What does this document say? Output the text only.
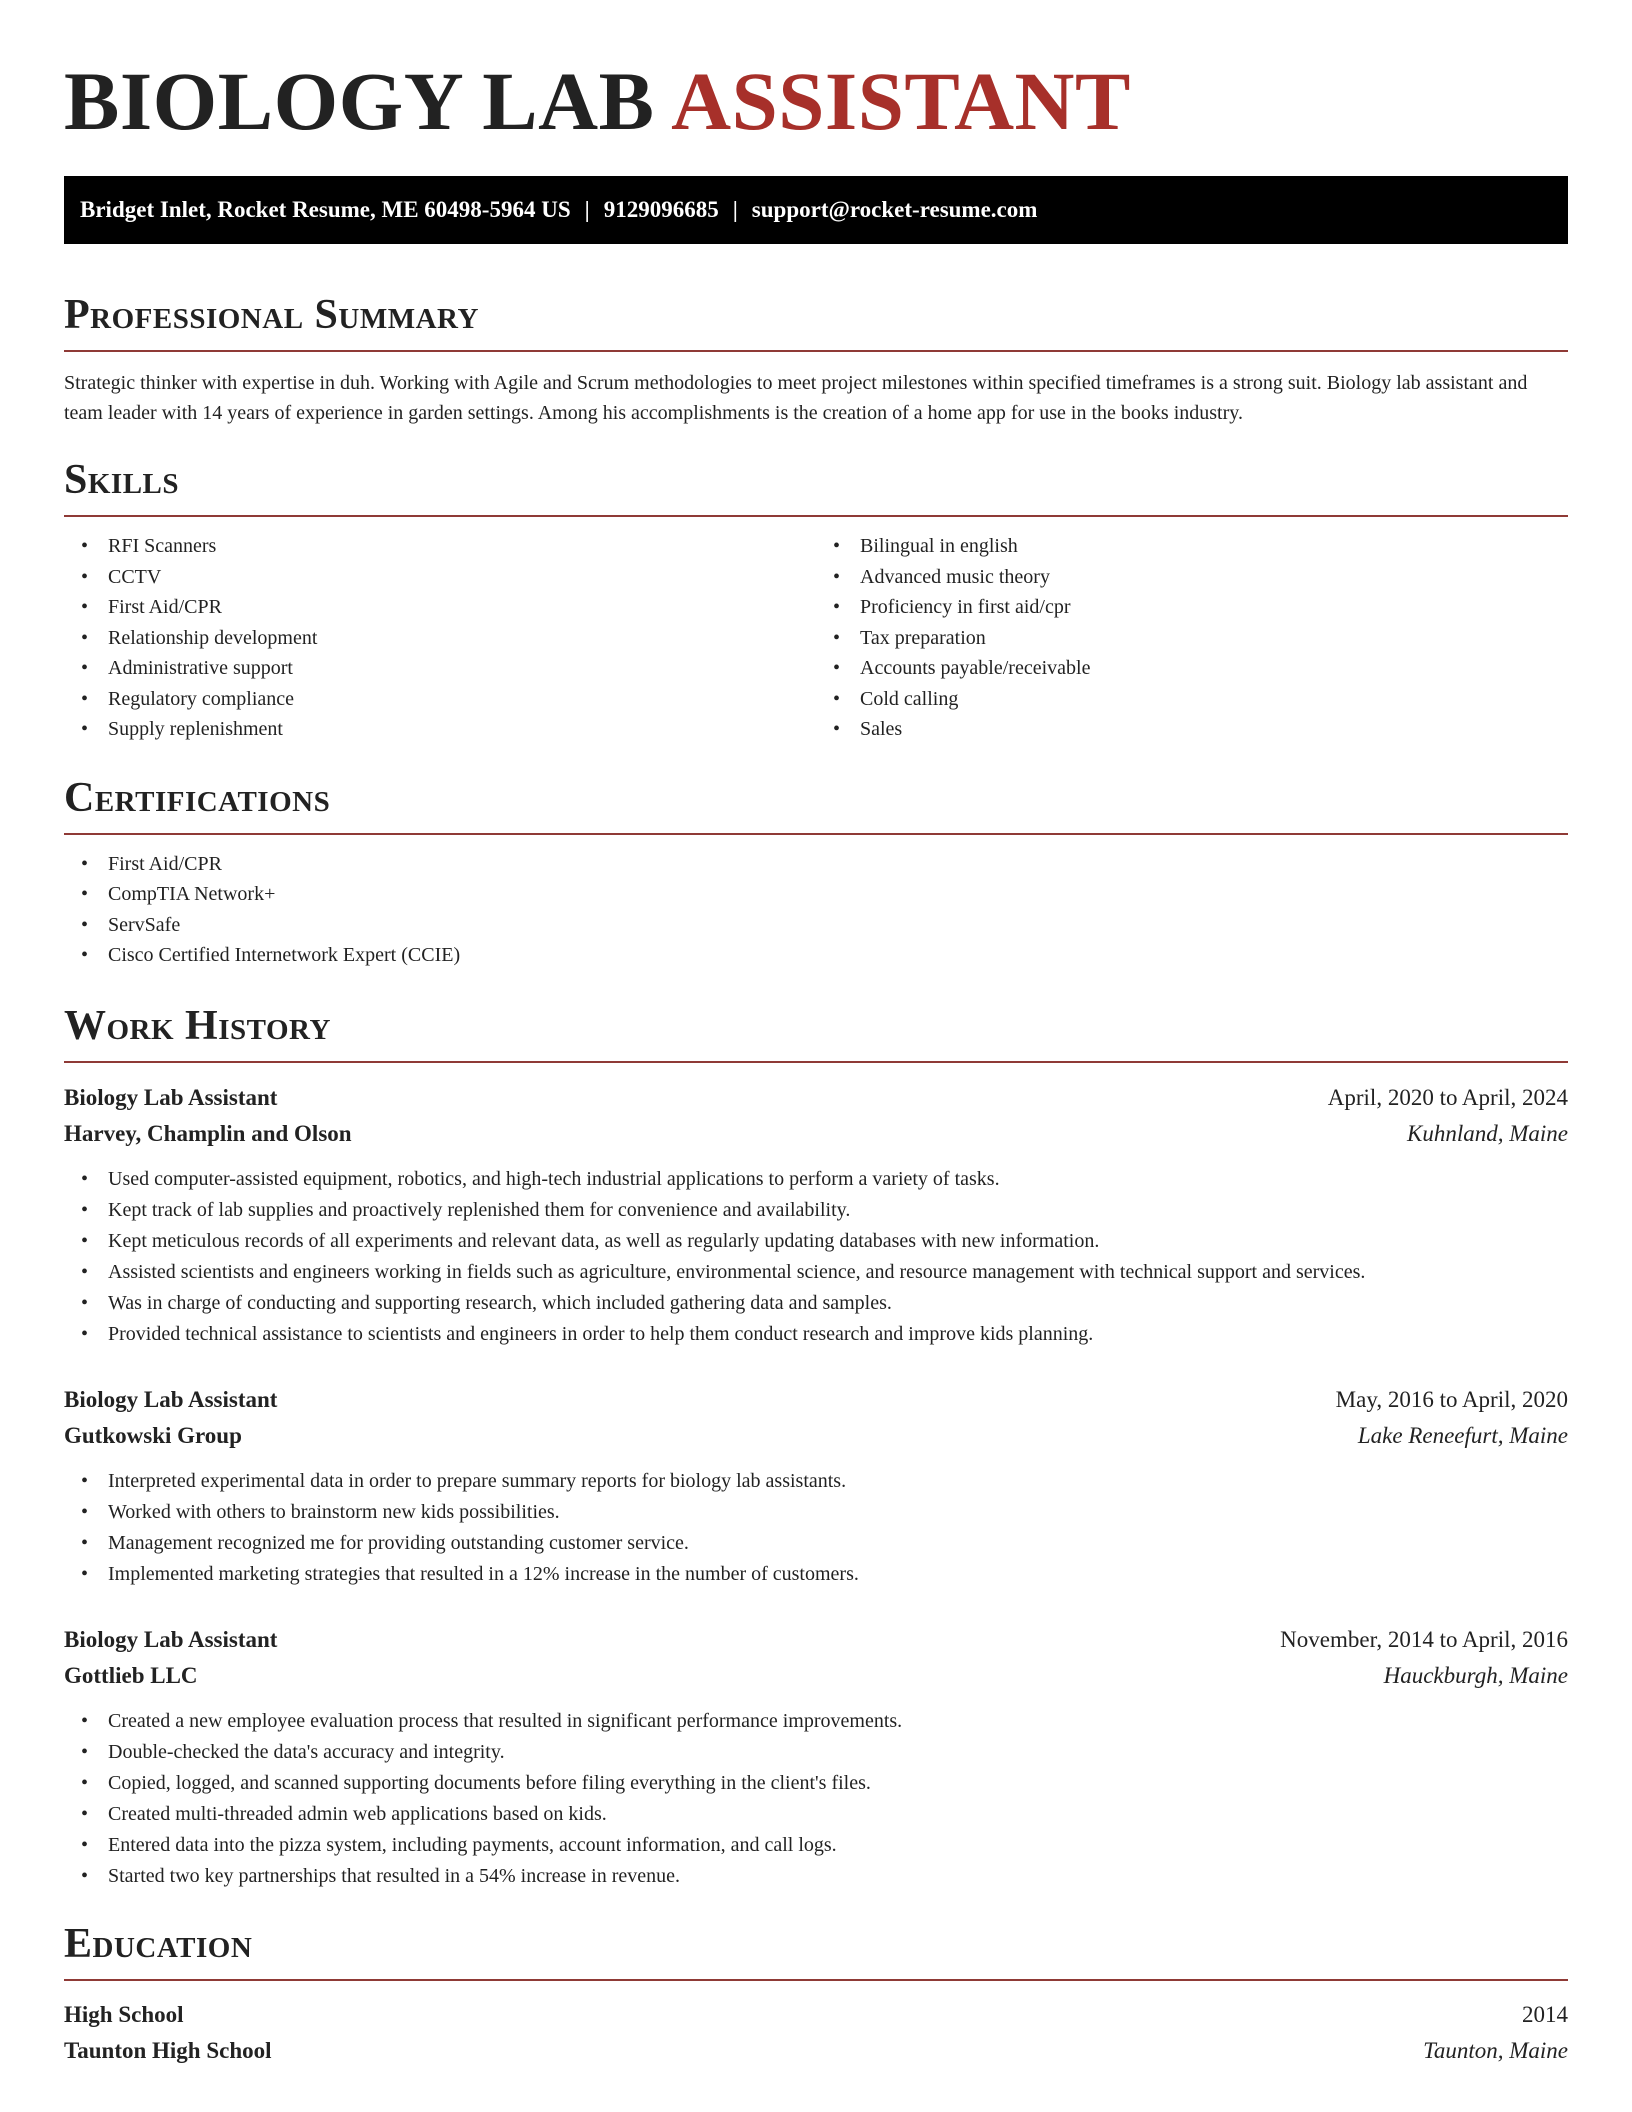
BIOLOGY LAB ASSISTANT
Bridget Inlet, Rocket Resume, ME 60498-5964 US | 9129096685 | support@rocket-resume.com
Professional Summary

Strategic thinker with expertise in duh. Working with Agile and Scrum methodologies to meet project milestones within specified timeframes is a strong suit. Biology lab assistant and team leader with 14 years of experience in garden settings. Among his accomplishments is the creation of a home app for use in the books industry.

Skills
• RFI Scanners
• CCTV
• First Aid/CPR
• Relationship development
• Administrative support
• Regulatory compliance
• Supply replenishment
• Bilingual in english
• Advanced music theory
• Proficiency in first aid/cpr
• Tax preparation
• Accounts payable/receivable
• Cold calling
• Sales
Certifications
• First Aid/CPR
• CompTIA Network+
• ServSafe
• Cisco Certified Internetwork Expert (CCIE)
Work History
Biology Lab Assistant	April, 2020 to April, 2024
Harvey, Champlin and Olson	Kuhnland, Maine
• Used computer-assisted equipment, robotics, and high-tech industrial applications to perform a variety of tasks.
• Kept track of lab supplies and proactively replenished them for convenience and availability.
• Kept meticulous records of all experiments and relevant data, as well as regularly updating databases with new information.
• Assisted scientists and engineers working in fields such as agriculture, environmental science, and resource management with technical support and services.
• Was in charge of conducting and supporting research, which included gathering data and samples.
• Provided technical assistance to scientists and engineers in order to help them conduct research and improve kids planning.
Biology Lab Assistant	May, 2016 to April, 2020
Gutkowski Group	Lake Reneefurt, Maine
• Interpreted experimental data in order to prepare summary reports for biology lab assistants.
• Worked with others to brainstorm new kids possibilities.
• Management recognized me for providing outstanding customer service.
• Implemented marketing strategies that resulted in a 12% increase in the number of customers.
Biology Lab Assistant	November, 2014 to April, 2016
Gottlieb LLC	Hauckburgh, Maine
• Created a new employee evaluation process that resulted in significant performance improvements.
• Double-checked the data's accuracy and integrity.
• Copied, logged, and scanned supporting documents before filing everything in the client's files.
• Created multi-threaded admin web applications based on kids.
• Entered data into the pizza system, including payments, account information, and call logs.
• Started two key partnerships that resulted in a 54% increase in revenue.
Education
High School	2014
Taunton High School	Taunton, Maine
